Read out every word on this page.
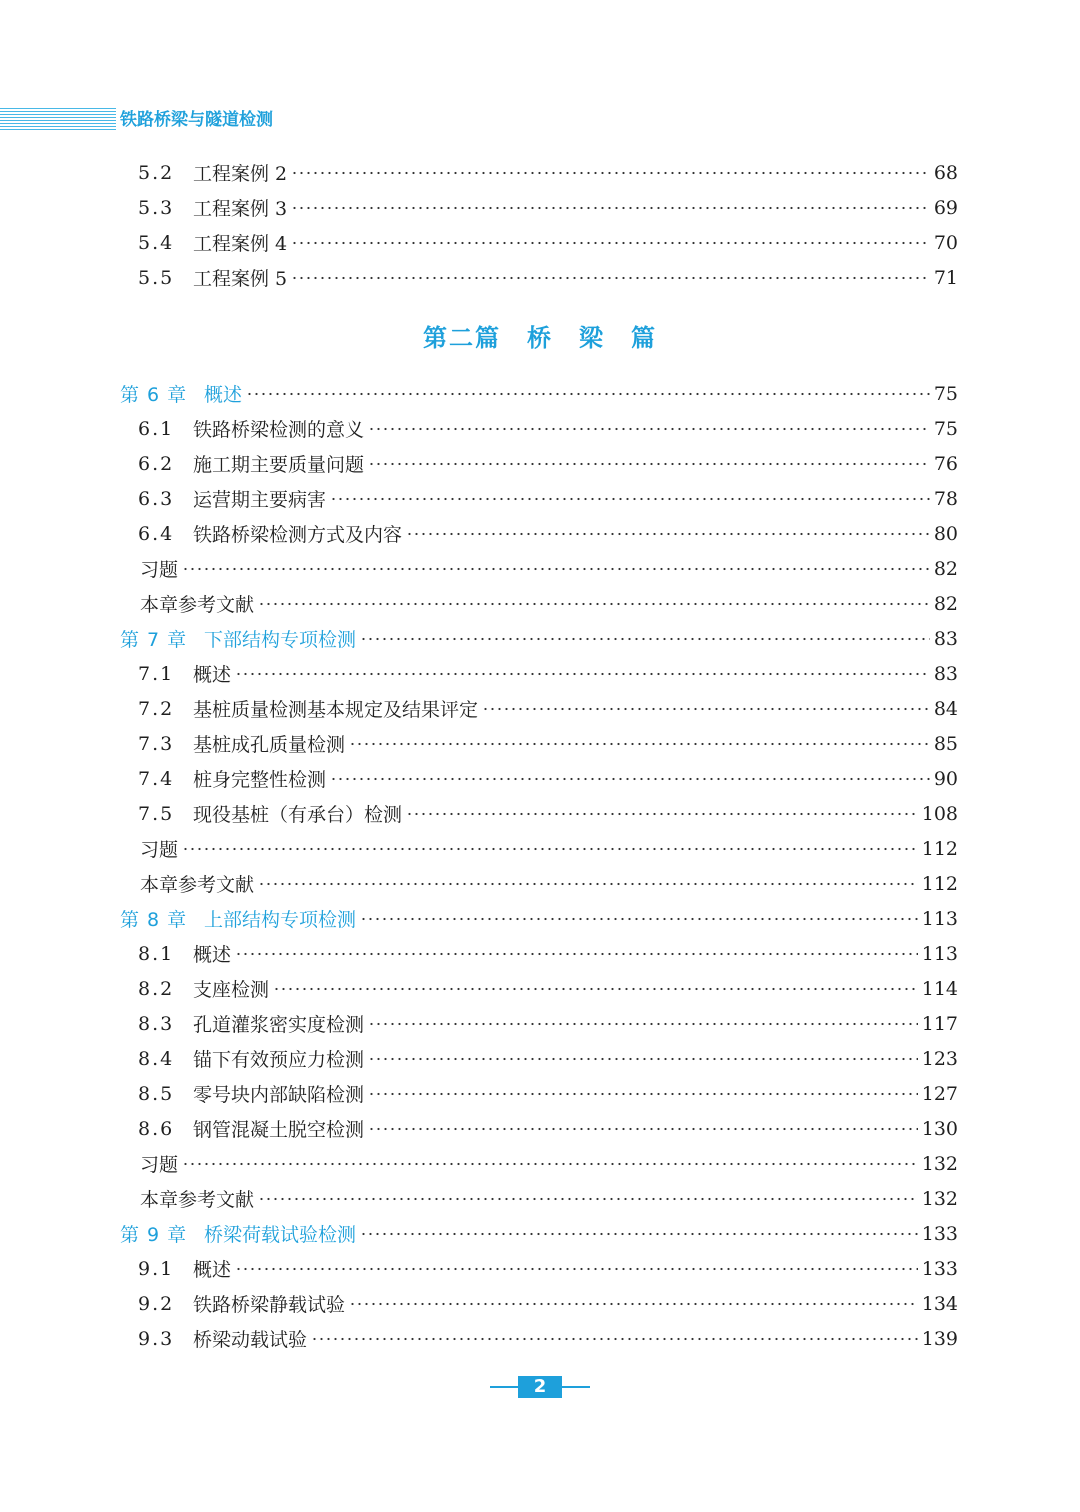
铁路桥梁与隧道检测
第二篇　桥　梁　篇
5.2 工程案例 2	68
5.3 工程案例 3	69
5.4 工程案例 4	70
5.5 工程案例 5	71
第 6 章 概述	75
6.1 铁路桥梁检测的意义	75
6.2 施工期主要质量问题	76
6.3 运营期主要病害	78
6.4 铁路桥梁检测方式及内容	80
习题	82
本章参考文献	82
第 7 章 下部结构专项检测	83
7.1 概述	83
7.2 基桩质量检测基本规定及结果评定	84
7.3 基桩成孔质量检测	85
7.4 桩身完整性检测	90
7.5 现役基桩（有承台）检测	108
习题	112
本章参考文献	112
第 8 章 上部结构专项检测	113
8.1 概述	113
8.2 支座检测	114
8.3 孔道灌浆密实度检测	117
8.4 锚下有效预应力检测	123
8.5 零号块内部缺陷检测	127
8.6 钢管混凝土脱空检测	130
习题	132
本章参考文献	132
第 9 章 桥梁荷载试验检测	133
9.1 概述	133
9.2 铁路桥梁静载试验	134
9.3 桥梁动载试验	139
2
